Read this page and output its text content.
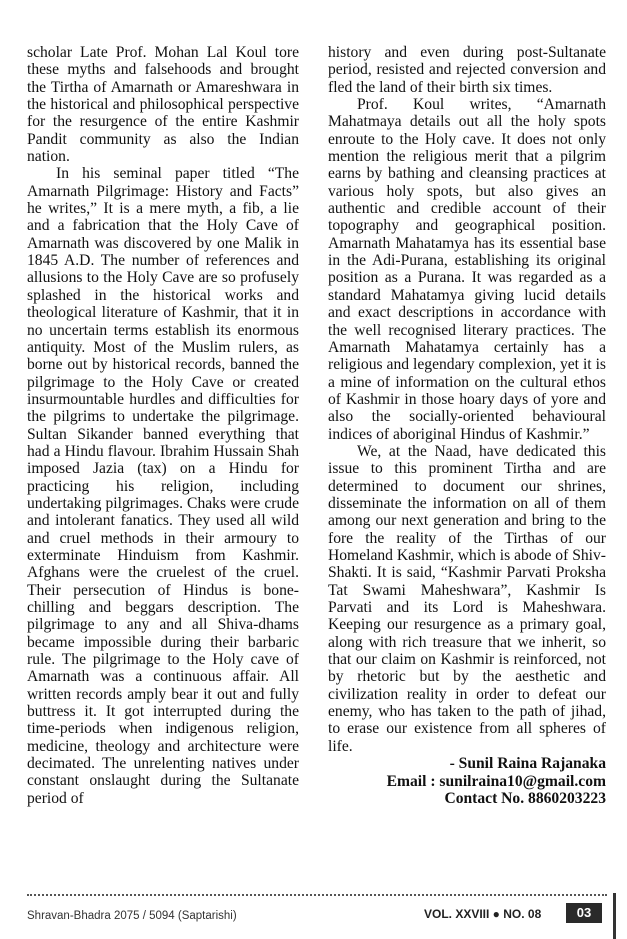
scholar Late Prof. Mohan Lal Koul tore these myths and falsehoods and brought the Tirtha of Amarnath or Amareshwara in the historical and philosophical perspective for the resurgence of the entire Kashmir Pandit community as also the Indian nation.

In his seminal paper titled “The Amarnath Pilgrimage: History and Facts” he writes,” It is a mere myth, a fib, a lie and a fabrication that the Holy Cave of Amarnath was discovered by one Malik in 1845 A.D. The number of references and allusions to the Holy Cave are so profusely splashed in the historical works and theological literature of Kashmir, that it in no uncertain terms establish its enormous antiquity. Most of the Muslim rulers, as borne out by historical records, banned the pilgrimage to the Holy Cave or created insurmountable hurdles and difficulties for the pilgrims to undertake the pilgrimage. Sultan Sikander banned everything that had a Hindu flavour. Ibrahim Hussain Shah imposed Jazia (tax) on a Hindu for practicing his religion, including undertaking pilgrimages. Chaks were crude and intolerant fanatics. They used all wild and cruel methods in their armoury to exterminate Hinduism from Kashmir. Afghans were the cruelest of the cruel. Their persecution of Hindus is bone-chilling and beggars description. The pilgrimage to any and all Shiva-dhams became impossible during their barbaric rule. The pilgrimage to the Holy cave of Amarnath was a continuous affair. All written records amply bear it out and fully buttress it. It got interrupted during the time-periods when indigenous religion, medicine, theology and architecture were decimated. The unrelenting natives under constant onslaught during the Sultanate period of

history and even during post-Sultanate period, resisted and rejected conversion and fled the land of their birth six times.

Prof. Koul writes, “Amarnath Mahatmaya details out all the holy spots enroute to the Holy cave. It does not only mention the religious merit that a pilgrim earns by bathing and cleansing practices at various holy spots, but also gives an authentic and credible account of their topography and geographical position. Amarnath Mahatamya has its essential base in the Adi-Purana, establishing its original position as a Purana. It was regarded as a standard Mahatamya giving lucid details and exact descriptions in accordance with the well recognised literary practices. The Amarnath Mahatamya certainly has a religious and legendary complexion, yet it is a mine of information on the cultural ethos of Kashmir in those hoary days of yore and also the socially-oriented behavioural indices of aboriginal Hindus of Kashmir.”

We, at the Naad, have dedicated this issue to this prominent Tirtha and are determined to document our shrines, disseminate the information on all of them among our next generation and bring to the fore the reality of the Tirthas of our Homeland Kashmir, which is abode of Shiv-Shakti. It is said, “Kashmir Parvati Proksha Tat Swami Maheshwara”, Kashmir Is Parvati and its Lord is Maheshwara. Keeping our resurgence as a primary goal, along with rich treasure that we inherit, so that our claim on Kashmir is reinforced, not by rhetoric but by the aesthetic and civilization reality in order to defeat our enemy, who has taken to the path of jihad, to erase our existence from all spheres of life.

- Sunil Raina Rajanaka
Email : sunilraina10@gmail.com
Contact No. 8860203223
Shravan-Bhadra 2075 / 5094 (Saptarishi)	VOL. XXVIII ● NO. 08	03
